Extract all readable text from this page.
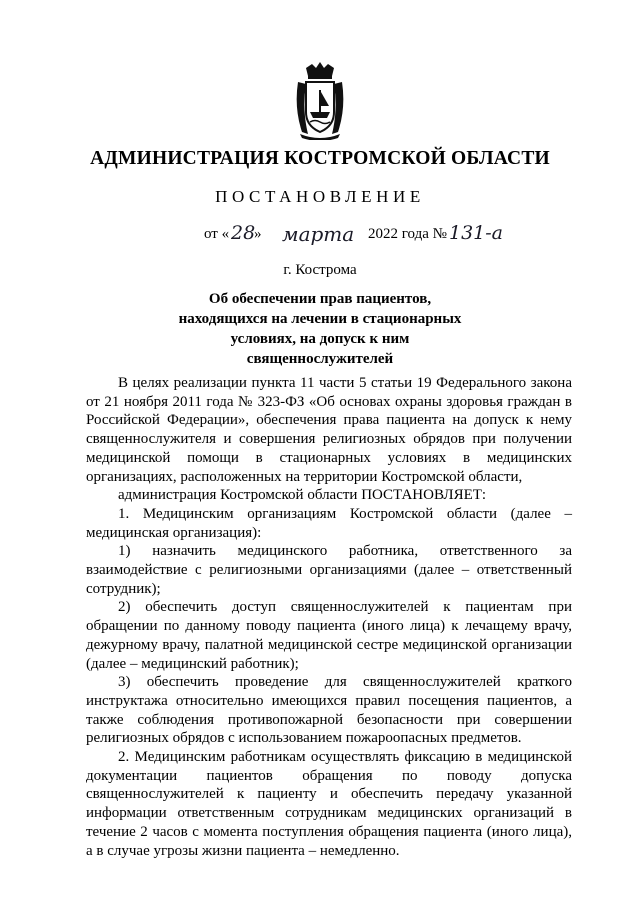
АДМИНИСТРАЦИЯ КОСТРОМСКОЙ ОБЛАСТИ
ПОСТАНОВЛЕНИЕ
от « 28
» марта 2022 года № 131-а
г. Кострома
Об обеспечении прав пациентов, находящихся на лечении в стационарных условиях, на допуск к ним священнослужителей

В целях реализации пункта 11 части 5 статьи 19 Федерального закона от 21 ноября 2011 года № 323-ФЗ «Об основах охраны здоровья граждан в Российской Федерации», обеспечения права пациента на допуск к нему священнослужителя и совершения религиозных обрядов при получении медицинской помощи в стационарных условиях в медицинских организациях, расположенных на территории Костромской области,

администрация Костромской области ПОСТАНОВЛЯЕТ:

1. Медицинским организациям Костромской области (далее – медицинская организация):

1) назначить медицинского работника, ответственного за взаимодействие с религиозными организациями (далее – ответственный сотрудник);

2) обеспечить доступ священнослужителей к пациентам при обращении по данному поводу пациента (иного лица) к лечащему врачу, дежурному врачу, палатной медицинской сестре медицинской организации (далее – медицинский работник);

3) обеспечить проведение для священнослужителей краткого инструктажа относительно имеющихся правил посещения пациентов, а также соблюдения противопожарной безопасности при совершении религиозных обрядов с использованием пожароопасных предметов.

2. Медицинским работникам осуществлять фиксацию в медицинской документации пациентов обращения по поводу допуска священнослужителей к пациенту и обеспечить передачу указанной информации ответственным сотрудникам медицинских организаций в течение 2 часов с момента поступления обращения пациента (иного лица), а в случае угрозы жизни пациента – немедленно.
